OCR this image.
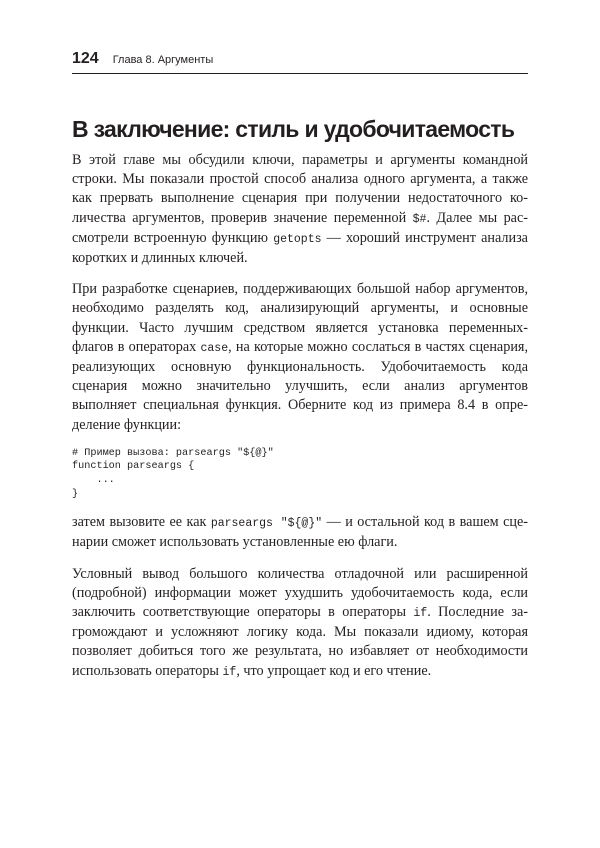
124 Глава 8. Аргументы
В заключение: стиль и удобочитаемость

В этой главе мы обсудили ключи, параметры и аргументы командной строки. Мы показали простой способ анализа одного аргумента, а также как прервать выполнение сценария при получении недостаточного количества аргументов, проверив значение переменной $#. Далее мы рассмотрели встроенную функцию getopts — хороший инструмент анализа коротких и длинных ключей.

При разработке сценариев, поддерживающих большой набор аргументов, необходимо разделять код, анализирующий аргументы, и основные функции. Часто лучшим средством является установка переменных-флагов в операторах case, на которые можно сослаться в частях сценария, реализующих основную функциональность. Удобочитаемость кода сценария можно значительно улучшить, если анализ аргументов выполняет специальная функция. Оберните код из примера 8.4 в определение функции:

# Пример вызова: parseargs "${@}"
function parseargs {
...
}

затем вызовите ее как parseargs "${@}" — и остальной код в вашем сценарии сможет использовать установленные ею флаги.

Условный вывод большого количества отладочной или расширенной (подробной) информации может ухудшить удобочитаемость кода, если заключить соответствующие операторы в операторы if. Последние загромождают и усложняют логику кода. Мы показали идиому, которая позволяет добиться того же результата, но избавляет от необходимости использовать операторы if, что упрощает код и его чтение.
